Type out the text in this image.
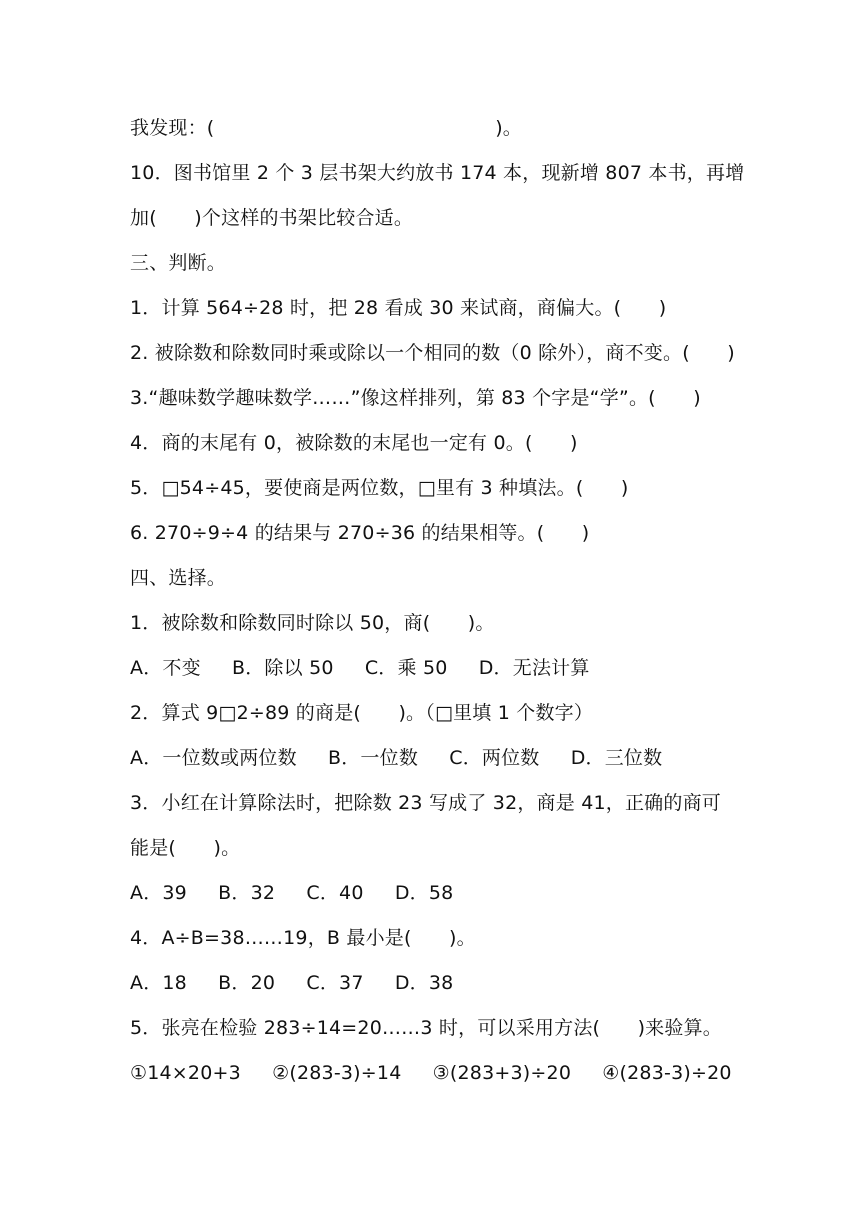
我发现：(                                             )。
10．图书馆里 2 个 3 层书架大约放书 174 本，现新增 807 本书，再增
加(      )个这样的书架比较合适。
三、判断。
1．计算 564÷28 时，把 28 看成 30 来试商，商偏大。(      )
2. 被除数和除数同时乘或除以一个相同的数（0 除外），商不变。(      )
3.“趣味数学趣味数学……”像这样排列，第 83 个字是“学”。(      )
4．商的末尾有 0，被除数的末尾也一定有 0。(      )
5．□54÷45，要使商是两位数，□里有 3 种填法。(      )
6. 270÷9÷4 的结果与 270÷36 的结果相等。(      )
四、选择。
1．被除数和除数同时除以 50，商(      )。
A．不变     B．除以 50     C．乘 50     D．无法计算
2．算式 9□2÷89 的商是(      )。（□里填 1 个数字）
A．一位数或两位数     B．一位数     C．两位数     D．三位数
3．小红在计算除法时，把除数 23 写成了 32，商是 41，正确的商可
能是(      )。
A．39     B．32     C．40     D．58
4．A÷B=38……19，B 最小是(      )。
A．18     B．20     C．37     D．38
5．张亮在检验 283÷14=20……3 时，可以采用方法(      )来验算。
①14×20+3     ②(283-3)÷14     ③(283+3)÷20     ④(283-3)÷20
